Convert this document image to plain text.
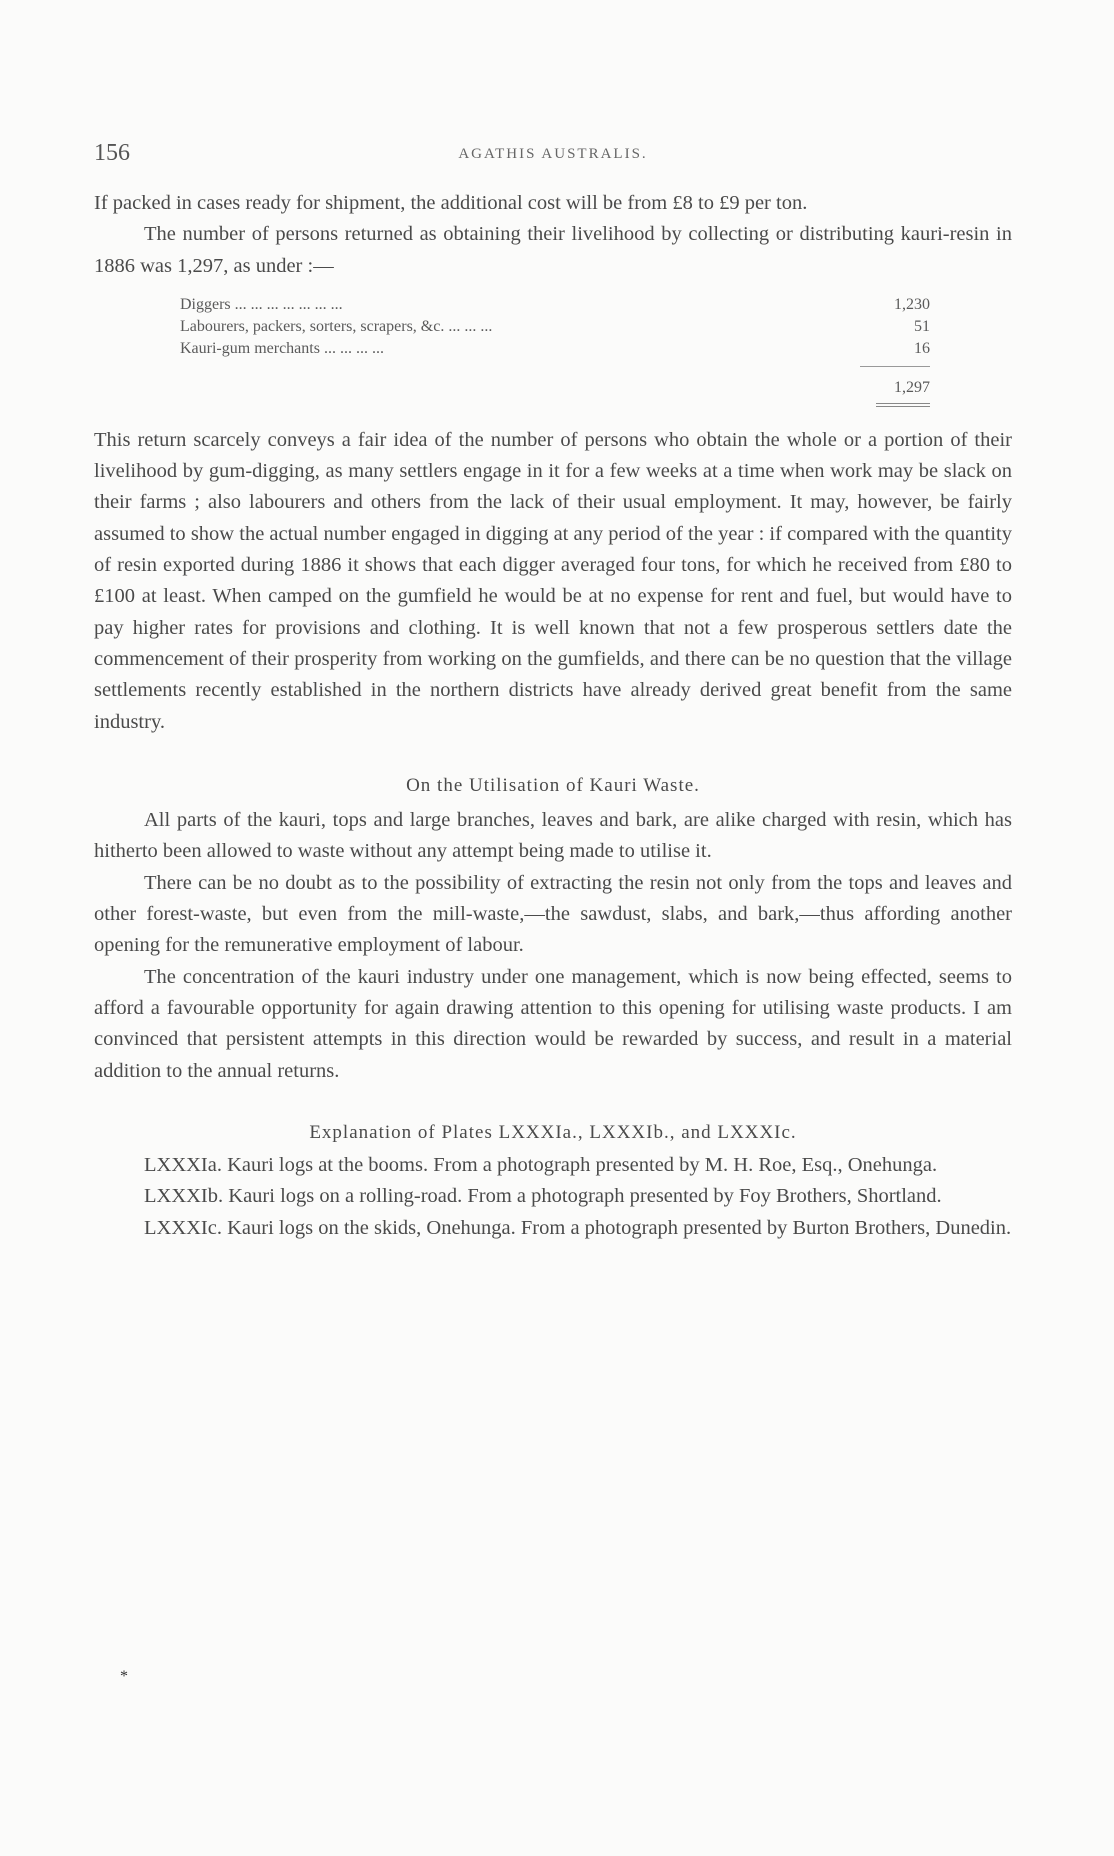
156	AGATHIS AUSTRALIS.

If packed in cases ready for shipment, the additional cost will be from £8 to £9 per ton.

The number of persons returned as obtaining their livelihood by collecting or distributing kauri-resin in 1886 was 1,297, as under :—

Diggers ... ... ... ... ... ... ...	1,230
Labourers, packers, sorters, scrapers, &c. ... ... ...	51
Kauri-gum merchants ... ... ... ...	16
1,297

This return scarcely conveys a fair idea of the number of persons who obtain the whole or a portion of their livelihood by gum-digging, as many settlers engage in it for a few weeks at a time when work may be slack on their farms ; also labourers and others from the lack of their usual employment. It may, however, be fairly assumed to show the actual number engaged in digging at any period of the year : if compared with the quantity of resin exported during 1886 it shows that each digger averaged four tons, for which he received from £80 to £100 at least. When camped on the gumfield he would be at no expense for rent and fuel, but would have to pay higher rates for provisions and clothing. It is well known that not a few prosperous settlers date the commencement of their prosperity from working on the gumfields, and there can be no question that the village settlements recently established in the northern districts have already derived great benefit from the same industry.

On the Utilisation of Kauri Waste.

All parts of the kauri, tops and large branches, leaves and bark, are alike charged with resin, which has hitherto been allowed to waste without any attempt being made to utilise it.

There can be no doubt as to the possibility of extracting the resin not only from the tops and leaves and other forest-waste, but even from the mill-waste,—the sawdust, slabs, and bark,—thus affording another opening for the remunerative employment of labour.

The concentration of the kauri industry under one management, which is now being effected, seems to afford a favourable opportunity for again drawing attention to this opening for utilising waste products. I am convinced that persistent attempts in this direction would be rewarded by success, and result in a material addition to the annual returns.

Explanation of Plates LXXXIa., LXXXIb., and LXXXIc.

LXXXIa. Kauri logs at the booms. From a photograph presented by M. H. Roe, Esq., Onehunga.

LXXXIb. Kauri logs on a rolling-road. From a photograph presented by Foy Brothers, Shortland.

LXXXIc. Kauri logs on the skids, Onehunga. From a photograph presented by Burton Brothers, Dunedin.

*
